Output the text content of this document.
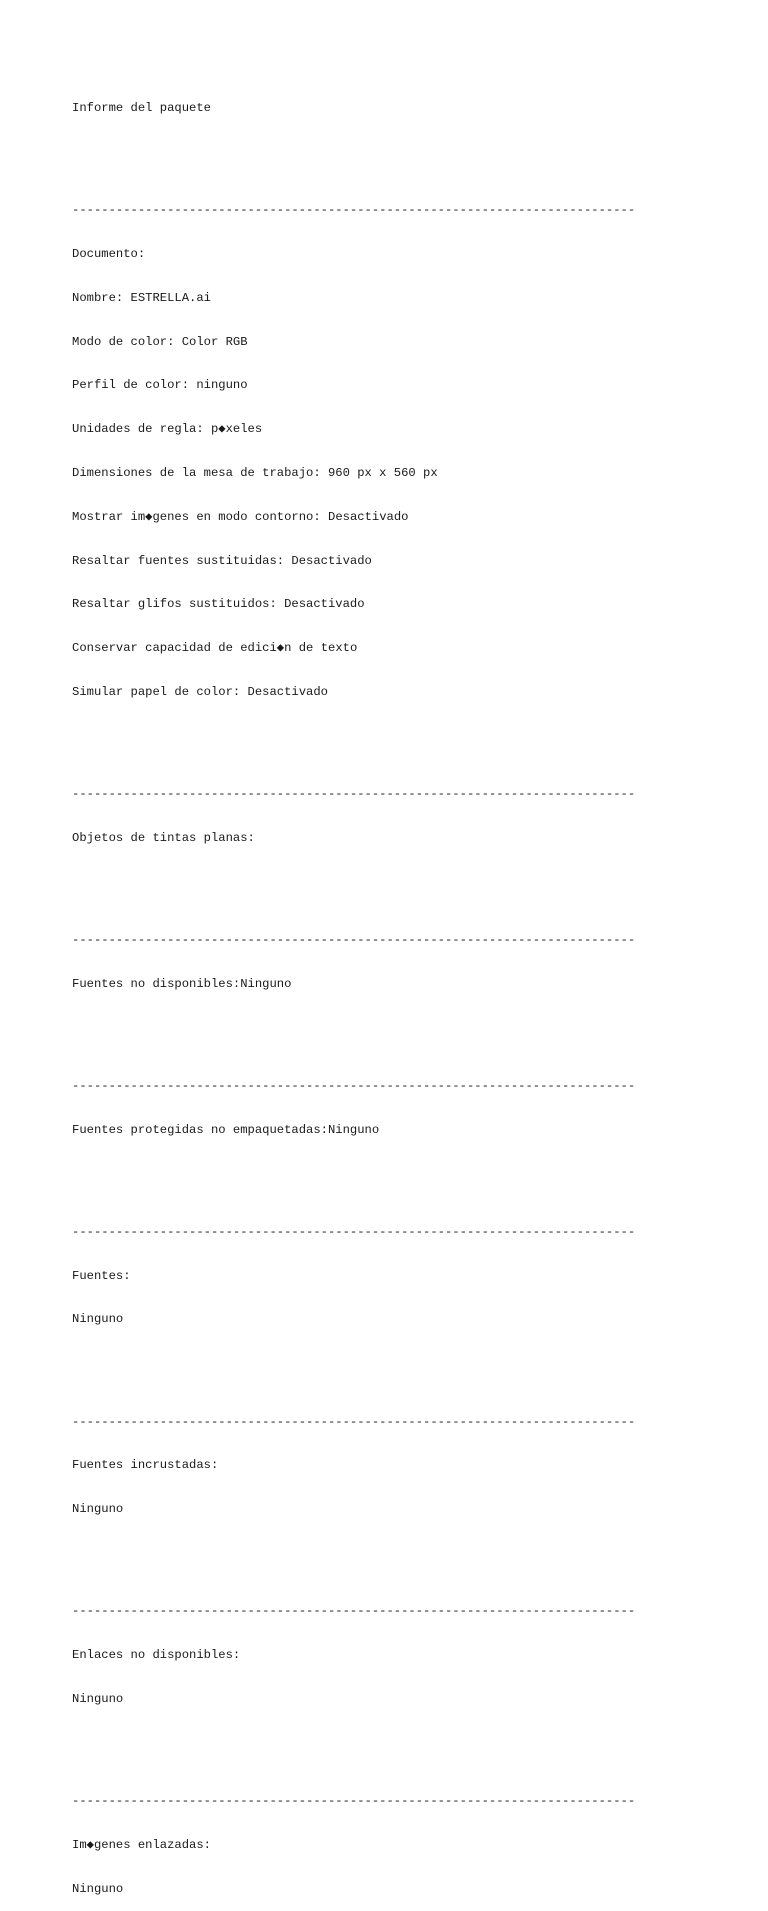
Informe del paquete

-----------------------------------------------------------------------------

Documento:

Nombre: ESTRELLA.ai

Modo de color: Color RGB

Perfil de color: ninguno

Unidades de regla: p◆xeles

Dimensiones de la mesa de trabajo: 960 px x 560 px

Mostrar im◆genes en modo contorno: Desactivado

Resaltar fuentes sustituidas: Desactivado

Resaltar glifos sustituidos: Desactivado

Conservar capacidad de edici◆n de texto

Simular papel de color: Desactivado

-----------------------------------------------------------------------------

Objetos de tintas planas:

-----------------------------------------------------------------------------

Fuentes no disponibles:Ninguno

-----------------------------------------------------------------------------

Fuentes protegidas no empaquetadas:Ninguno

-----------------------------------------------------------------------------

Fuentes:

Ninguno

-----------------------------------------------------------------------------

Fuentes incrustadas:

Ninguno

-----------------------------------------------------------------------------

Enlaces no disponibles:

Ninguno

-----------------------------------------------------------------------------

Im◆genes enlazadas:

Ninguno
